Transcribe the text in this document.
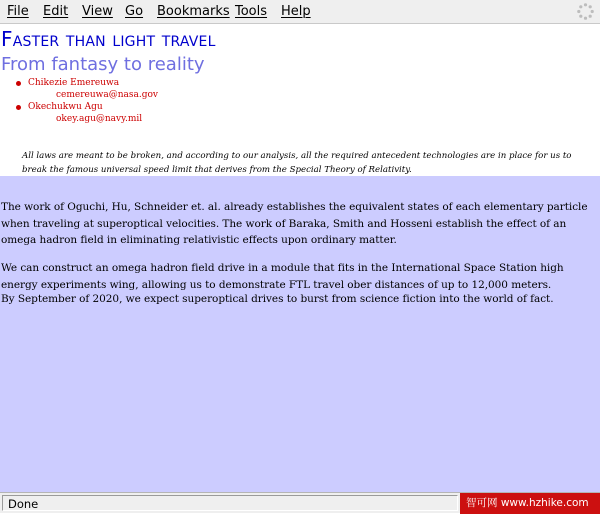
File Edit View Go Bookmarks Tools Help
Faster than light travel
From fantasy to reality
Chikezie Emereuwa
cemereuwa@nasa.gov
Okechukwu Agu
okey.agu@navy.mil

All laws are meant to be broken, and according to our analysis, all the required antecedent technologies are in place for us to break the famous universal speed limit that derives from the Special Theory of Relativity.

The work of Oguchi, Hu, Schneider et. al. already establishes the equivalent states of each elementary particle when traveling at superoptical velocities. The work of Baraka, Smith and Hosseni establish the effect of an omega hadron field in eliminating relativistic effects upon ordinary matter.

We can construct an omega hadron field drive in a module that fits in the International Space Station high energy experiments wing, allowing us to demonstrate FTL travel ober distances of up to 12,000 meters.

By September of 2020, we expect superoptical drives to burst from science fiction into the world of fact.

Done	智可网 www.hzhike.com
